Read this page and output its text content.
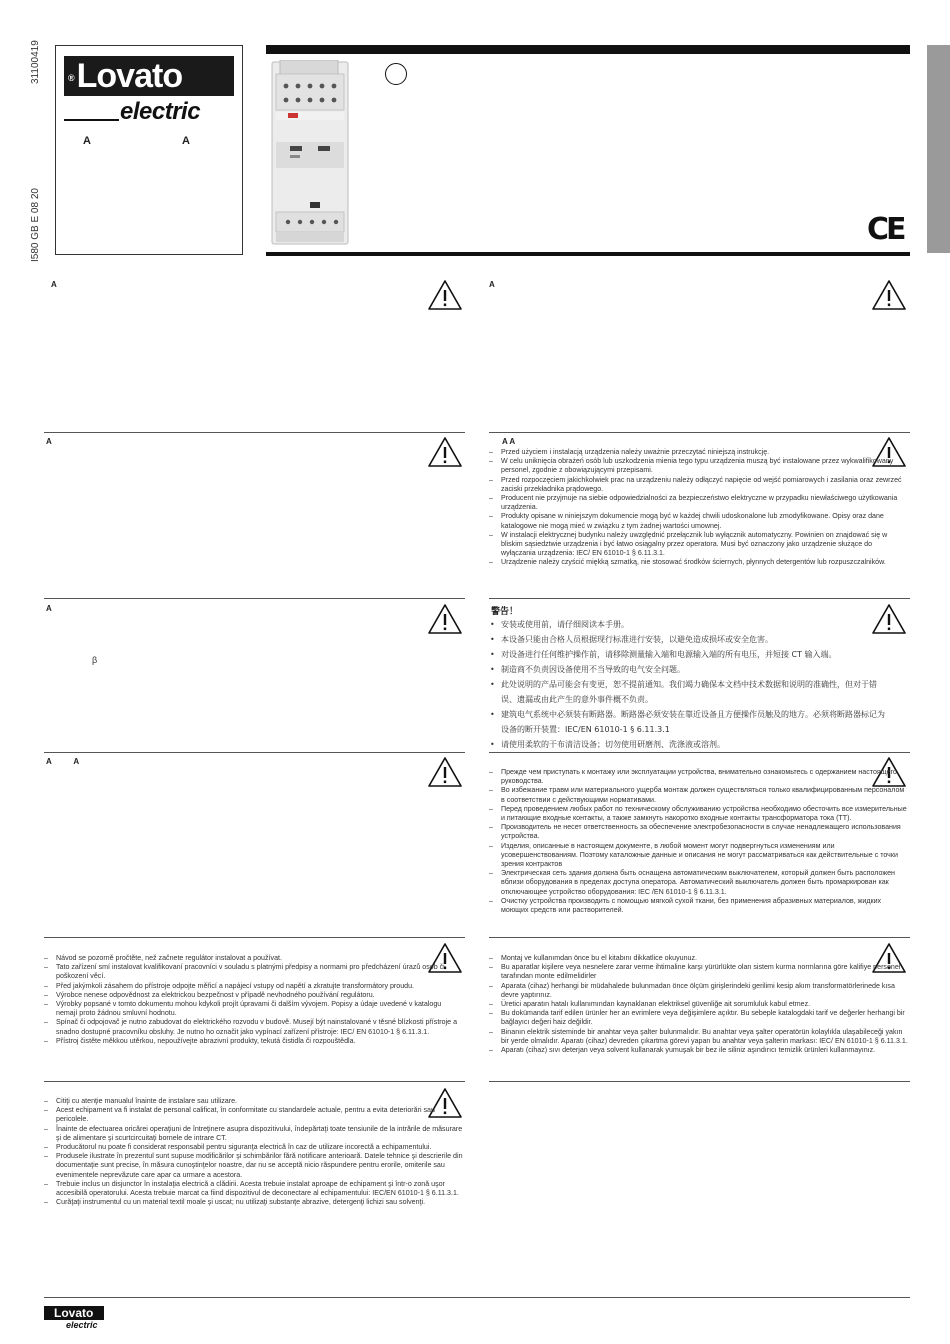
31100419
I580 GB E 08 20
® Lovato
electric
A	A
CE
A	A
A	A A
– Przed użyciem i instalacją urządzenia należy uważnie przeczytać niniejszą instrukcję.
– W celu uniknięcia obrażeń osób lub uszkodzenia mienia tego typu urządzenia muszą być instalowane przez wykwalifikowany personel, zgodnie z obowiązującymi przepisami.
– Przed rozpoczęciem jakichkolwiek prac na urządzeniu należy odłączyć napięcie od wejść pomiarowych i zasilania oraz zewrzeć zaciski przekładnika prądowego.
– Producent nie przyjmuje na siebie odpowiedzialności za bezpieczeństwo elektryczne w przypadku niewłaściwego użytkowania urządzenia.
– Produkty opisane w niniejszym dokumencie mogą być w każdej chwili udoskonalone lub zmodyfikowane. Opisy oraz dane katalogowe nie mogą mieć w związku z tym żadnej wartości umownej.
– W instalacji elektrycznej budynku należy uwzględnić przełącznik lub wyłącznik automatyczny. Powinien on znajdować się w bliskim sąsiedztwie urządzenia i być łatwo osiągalny przez operatora. Musi być oznaczony jako urządzenie służące do wyłączania urządzenia: IEC/ EN 61010-1 § 6.11.3.1.
– Urządzenie należy czyścić miękką szmatką, nie stosować środków ściernych, płynnych detergentów lub rozpuszczalników.
A
β
警告！
• 安装或使用前，请仔细阅读本手册。
• 本设备只能由合格人员根据现行标准进行安装，以避免造成损坏或安全危害。
• 对设备进行任何维护操作前，请移除测量输入端和电源输入端的所有电压，并短接 CT 输入端。
• 制造商不负责因设备使用不当导致的电气安全问题。
• 此处说明的产品可能会有变更，恕不提前通知。我们竭力确保本文档中技术数据和说明的准确性，但对于错误、遗漏或由此产生的意外事件概不负责。
• 建筑电气系统中必须装有断路器。断路器必须安装在靠近设备且方便操作员触及的地方。必须将断路器标记为设备的断开装置：IEC/EN 61010-1 § 6.11.3.1
• 请使用柔软的干布清洁设备；切勿使用研磨剂、洗涤液或溶剂。
A          A
– Прежде чем приступать к монтажу или эксплуатации устройства, внимательно ознакомьтесь с одержанием настоящего руководства.
– Во избежание травм или материального ущерба монтаж должен существляться только квалифицированным персоналом в соответствии с действующими нормативами.
– Перед проведением любых работ по техническому обслуживанию устройства необходимо обесточить все измерительные и питающие входные контакты, а также замкнуть накоротко входные контакты трансформатора тока (ТТ).
– Производитель не несет ответственность за обеспечение электробезопасности в случае ненадлежащего использования устройства.
– Изделия, описанные в настоящем документе, в любой момент могут подвергнуться изменениям или усовершенствованиям. Поэтому каталожные данные и описания не могут рассматриваться как действительные с точки зрения контрактов
– Электрическая сеть здания должна быть оснащена автоматическим выключателем, который должен быть расположен вблизи оборудования в пределах доступа оператора. Автоматический выключатель должен быть промаркирован как отключающее устройство оборудования: IEC /EN 61010-1 § 6.11.3.1.
– Очистку устройства производить с помощью мягкой сухой ткани, без применения абразивных материалов, жидких моющих средств или растворителей.
– Návod se pozorně pročtěte, než začnete regulátor instalovat a používat.
– Tato zařízení smí instalovat kvalifikovaní pracovníci v souladu s platnými předpisy a normami pro předcházení úrazů osob či poškození věcí.
– Před jakýmkoli zásahem do přístroje odpojte měřicí a napájecí vstupy od napětí a zkratujte transformátory proudu.
– Výrobce nenese odpovědnost za elektrickou bezpečnost v případě nevhodného používání regulátoru.
– Výrobky popsané v tomto dokumentu mohou kdykoli projít úpravami či dalším vývojem. Popisy a údaje uvedené v katalogu nemají proto žádnou smluvní hodnotu.
– Spínač či odpojovač je nutno zabudovat do elektrického rozvodu v budově. Musejí být nainstalované v těsné blízkosti přístroje a snadno dostupné pracovníku obsluhy. Je nutno ho označit jako vypínací zařízení přístroje: IEC/ EN 61010-1 § 6.11.3.1.
– Přístroj čistěte měkkou utěrkou, nepoužívejte abrazivní produkty, tekutá čistidla či rozpouštědla.
– Montaj ve kullanımdan önce bu el kitabını dikkatlice okuyunuz.
– Bu aparatlar kişilere veya nesnelere zarar verme ihtimaline karşı yürürlükte olan sistem kurma normlarına göre kalifiye personel tarafından monte edilmelidirler
– Aparata (cihaz) herhangi bir müdahalede bulunmadan önce ölçüm girişlerindeki gerilimi kesip akım transformatörlerinede kısa devre yaptırınız.
– Üretici aparatın hatalı kullanımından kaynaklanan elektriksel güvenliğe ait sorumluluk kabul etmez.
– Bu dokümanda tarif edilen ürünler her an evrimlere veya değişimlere açıktır. Bu sebeple katalogdaki tarif ve değerler herhangi bir bağlayıcı değeri haiz değildir.
– Binanın elektrik sisteminde bir anahtar veya şalter bulunmalıdır. Bu anahtar veya şalter operatörün kolaylıkla ulaşabileceği yakın bir yerde olmalıdır. Aparatı (cihaz) devreden çıkartma görevi yapan bu anahtar veya şalterin markası: IEC/ EN 61010-1 § 6.11.3.1.
– Aparatı (cihaz) sıvı deterjan veya solvent kullanarak yumuşak bir bez ile siliniz aşındırıcı temizlik ürünleri kullanmayınız.
– Citiţi cu atenţie manualul înainte de instalare sau utilizare.
– Acest echipament va fi instalat de personal calificat, în conformitate cu standardele actuale, pentru a evita deteriorări sau pericolele.
– Înainte de efectuarea oricărei operaţiuni de întreţinere asupra dispozitivului, îndepărtaţi toate tensiunile de la intrările de măsurare şi de alimentare şi scurtcircuitaţi bornele de intrare CT.
– Producătorul nu poate fi considerat responsabil pentru siguranţa electrică în caz de utilizare incorectă a echipamentului.
– Produsele ilustrate în prezentul sunt supuse modificărilor şi schimbărilor fără notificare anterioară. Datele tehnice şi descrierile din documentaţie sunt precise, în măsura cunoştinţelor noastre, dar nu se acceptă nicio răspundere pentru erorile, omiterile sau evenimentele neprevăzute care apar ca urmare a acestora.
– Trebuie inclus un disjunctor în instalaţia electrică a clădirii. Acesta trebuie instalat aproape de echipament şi într-o zonă uşor accesibilă operatorului. Acesta trebuie marcat ca fiind dispozitivul de deconectare al echipamentului: IEC/EN 61010-1 § 6.11.3.1.
– Curăţaţi instrumentul cu un material textil moale şi uscat; nu utilizaţi substanţe abrazive, detergenţi lichizi sau solvenţi.
Lovato
electric
